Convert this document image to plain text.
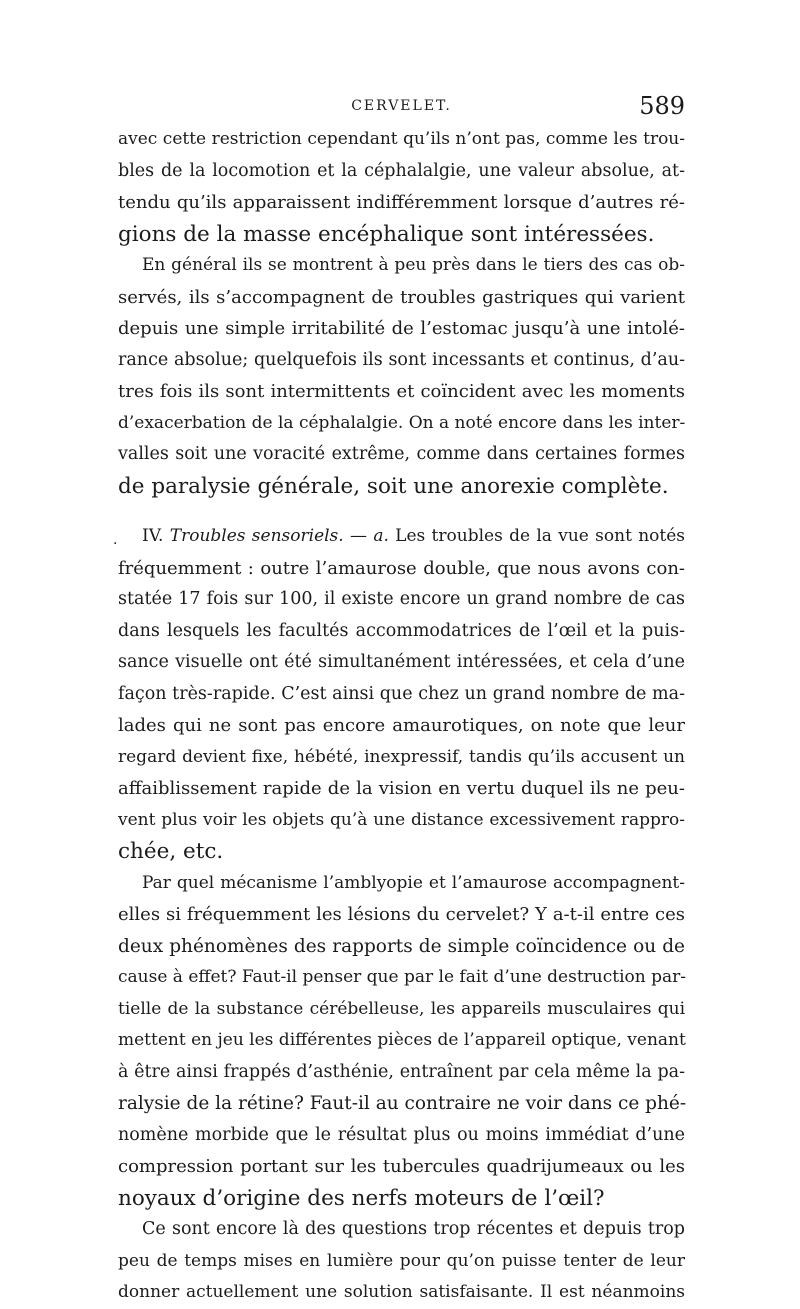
CERVELET.	589
avec cette restriction cependant qu’ils n’ont pas, comme les trou-
bles de la locomotion et la céphalalgie, une valeur absolue, at-
tendu qu’ils apparaissent indifféremment lorsque d’autres ré-
gions de la masse encéphalique sont intéressées.
En général ils se montrent à peu près dans le tiers des cas ob-
servés, ils s’accompagnent de troubles gastriques qui varient
depuis une simple irritabilité de l’estomac jusqu’à une intolé-
rance absolue; quelquefois ils sont incessants et continus, d’au-
tres fois ils sont intermittents et coïncident avec les moments
d’exacerbation de la céphalalgie. On a noté encore dans les inter-
valles soit une voracité extrême, comme dans certaines formes
de paralysie générale, soit une anorexie complète.
IV. Troubles sensoriels. — a. Les troubles de la vue sont notés
fréquemment : outre l’amaurose double, que nous avons con-
statée 17 fois sur 100, il existe encore un grand nombre de cas
dans lesquels les facultés accommodatrices de l’œil et la puis-
sance visuelle ont été simultanément intéressées, et cela d’une
façon très-rapide. C’est ainsi que chez un grand nombre de ma-
lades qui ne sont pas encore amaurotiques, on note que leur
regard devient fixe, hébété, inexpressif, tandis qu’ils accusent un
affaiblissement rapide de la vision en vertu duquel ils ne peu-
vent plus voir les objets qu’à une distance excessivement rappro-
chée, etc.
Par quel mécanisme l’amblyopie et l’amaurose accompagnent-
elles si fréquemment les lésions du cervelet? Y a-t-il entre ces
deux phénomènes des rapports de simple coïncidence ou de
cause à effet? Faut-il penser que par le fait d’une destruction par-
tielle de la substance cérébelleuse, les appareils musculaires qui
mettent en jeu les différentes pièces de l’appareil optique, venant
à être ainsi frappés d’asthénie, entraînent par cela même la pa-
ralysie de la rétine? Faut-il au contraire ne voir dans ce phé-
nomène morbide que le résultat plus ou moins immédiat d’une
compression portant sur les tubercules quadrijumeaux ou les
noyaux d’origine des nerfs moteurs de l’œil?
Ce sont encore là des questions trop récentes et depuis trop
peu de temps mises en lumière pour qu’on puisse tenter de leur
donner actuellement une solution satisfaisante. Il est néanmoins
·
